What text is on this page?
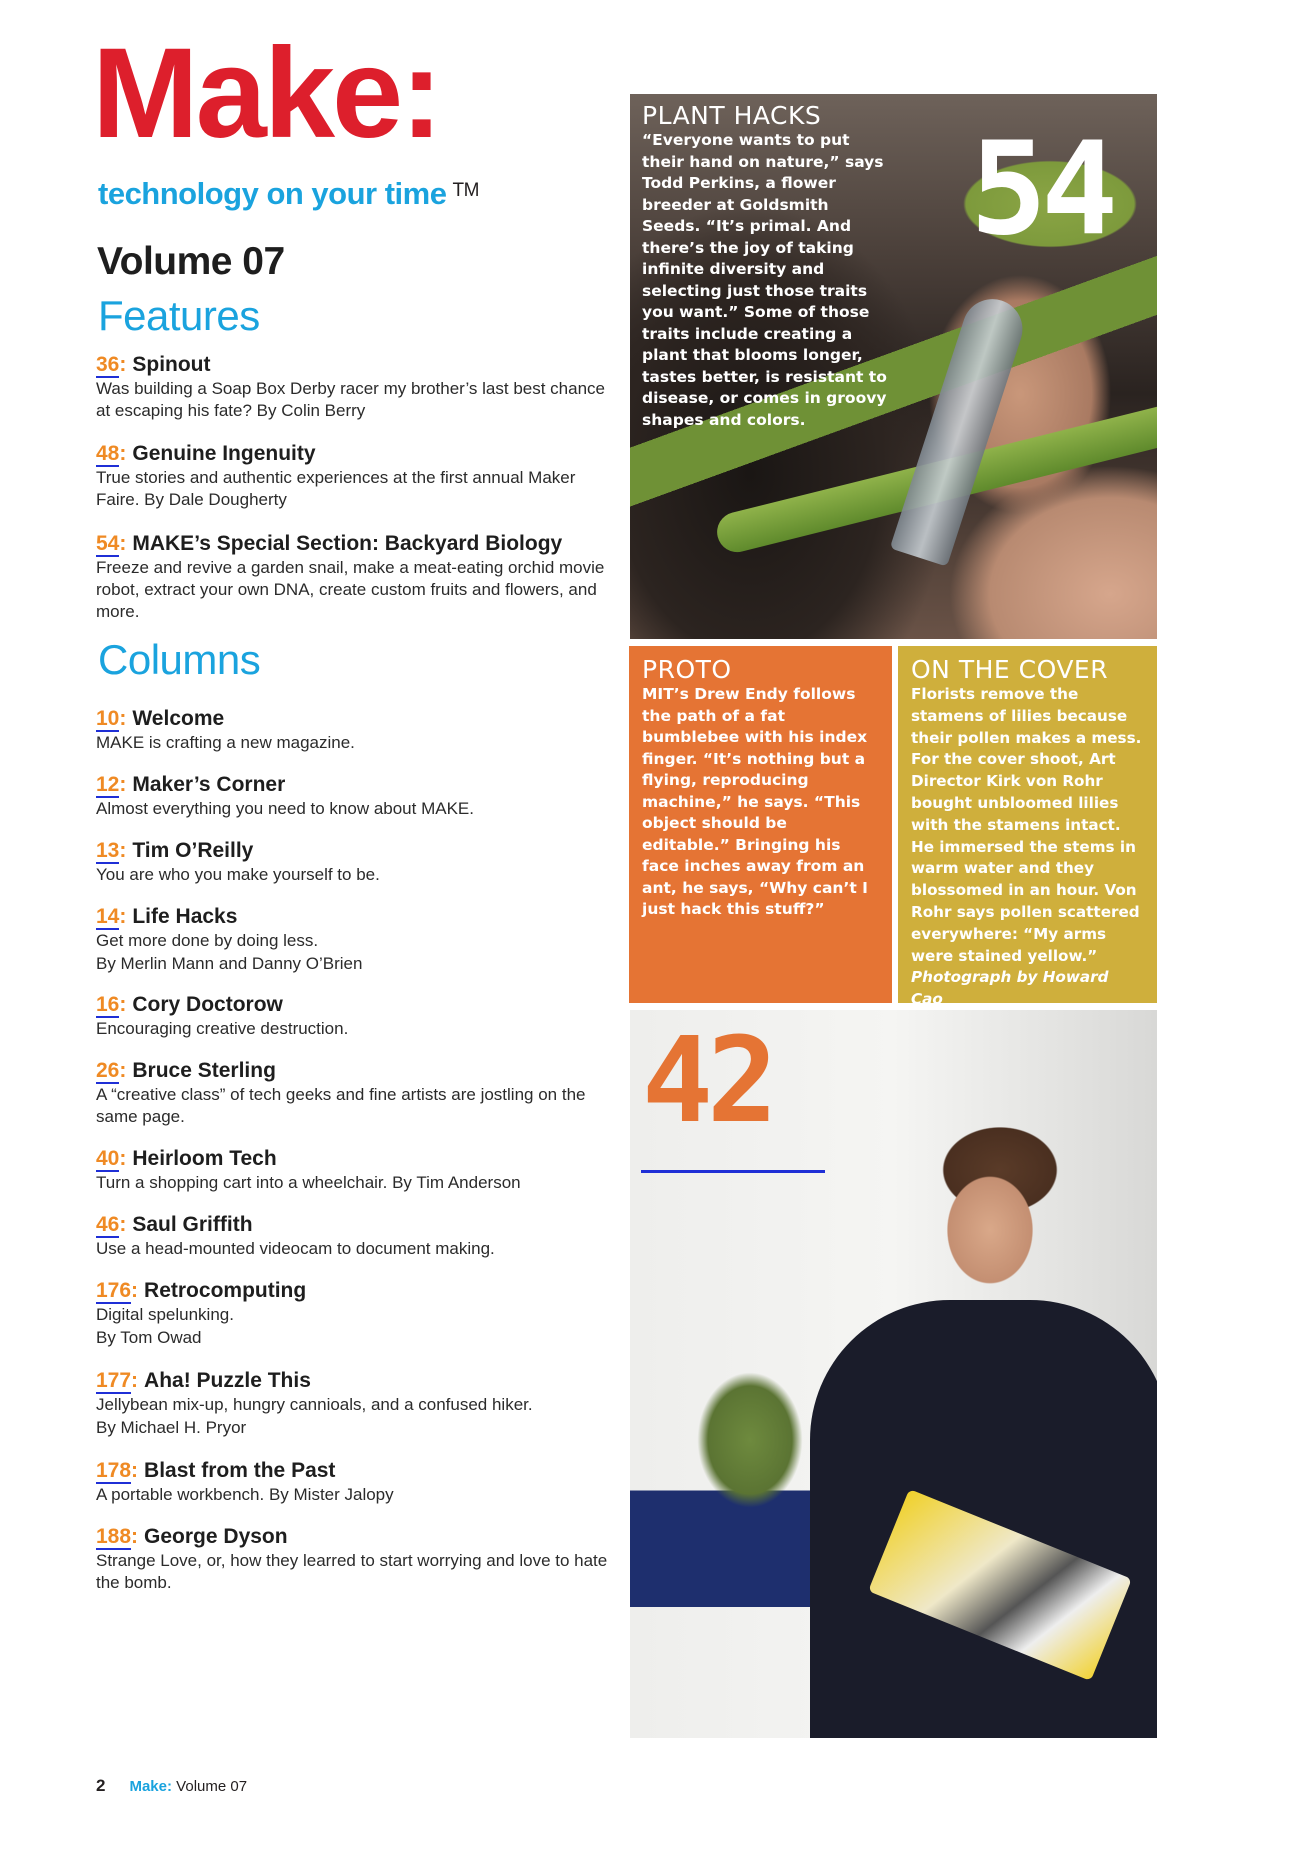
Make:
technology on your time ™
Volume 07
Features
36: Spinout
Was building a Soap Box Derby racer my brother’s last best chance at escaping his fate? By Colin Berry
48: Genuine Ingenuity
True stories and authentic experiences at the first annual Maker Faire. By Dale Dougherty
54: MAKE’s Special Section: Backyard Biology
Freeze and revive a garden snail, make a meat-eating orchid movie robot, extract your own DNA, create custom fruits and flowers, and more.
Columns
10: Welcome
MAKE is crafting a new magazine.
12: Maker’s Corner
Almost everything you need to know about MAKE.
13: Tim O’Reilly
You are who you make yourself to be.
14: Life Hacks
Get more done by doing less.
By Merlin Mann and Danny O’Brien
16: Cory Doctorow
Encouraging creative destruction.
26: Bruce Sterling
A “creative class” of tech geeks and fine artists are jostling on the same page.
40: Heirloom Tech
Turn a shopping cart into a wheelchair. By Tim Anderson
46: Saul Griffith
Use a head-mounted videocam to document making.
176: Retrocomputing
Digital spelunking.
By Tom Owad
177: Aha! Puzzle This
Jellybean mix-up, hungry cannioals, and a confused hiker.
By Michael H. Pryor
178: Blast from the Past
A portable workbench. By Mister Jalopy
188: George Dyson
Strange Love, or, how they learred to start worrying and love to hate the bomb.
54
PLANT HACKS
“Everyone wants to put their hand on nature,” says Todd Perkins, a flower breeder at Goldsmith Seeds. “It’s primal. And there’s the joy of taking infinite diversity and selecting just those traits you want.” Some of those traits include creating a plant that blooms longer, tastes better, is resistant to disease, or comes in groovy shapes and colors.
PROTO
MIT’s Drew Endy follows the path of a fat bumblebee with his index finger. “It’s nothing but a flying, reproducing machine,” he says. “This object should be editable.” Bringing his face inches away from an ant, he says, “Why can’t I just hack this stuff?”
ON THE COVER
Florists remove the stamens of lilies because their pollen makes a mess. For the cover shoot, Art Director Kirk von Rohr bought unbloomed lilies with the stamens intact. He immersed the stems in warm water and they blossomed in an hour. Von Rohr says pollen scattered everywhere: “My arms were stained yellow.”
Photograph by Howard Cao
42
2 Make: Volume 07
